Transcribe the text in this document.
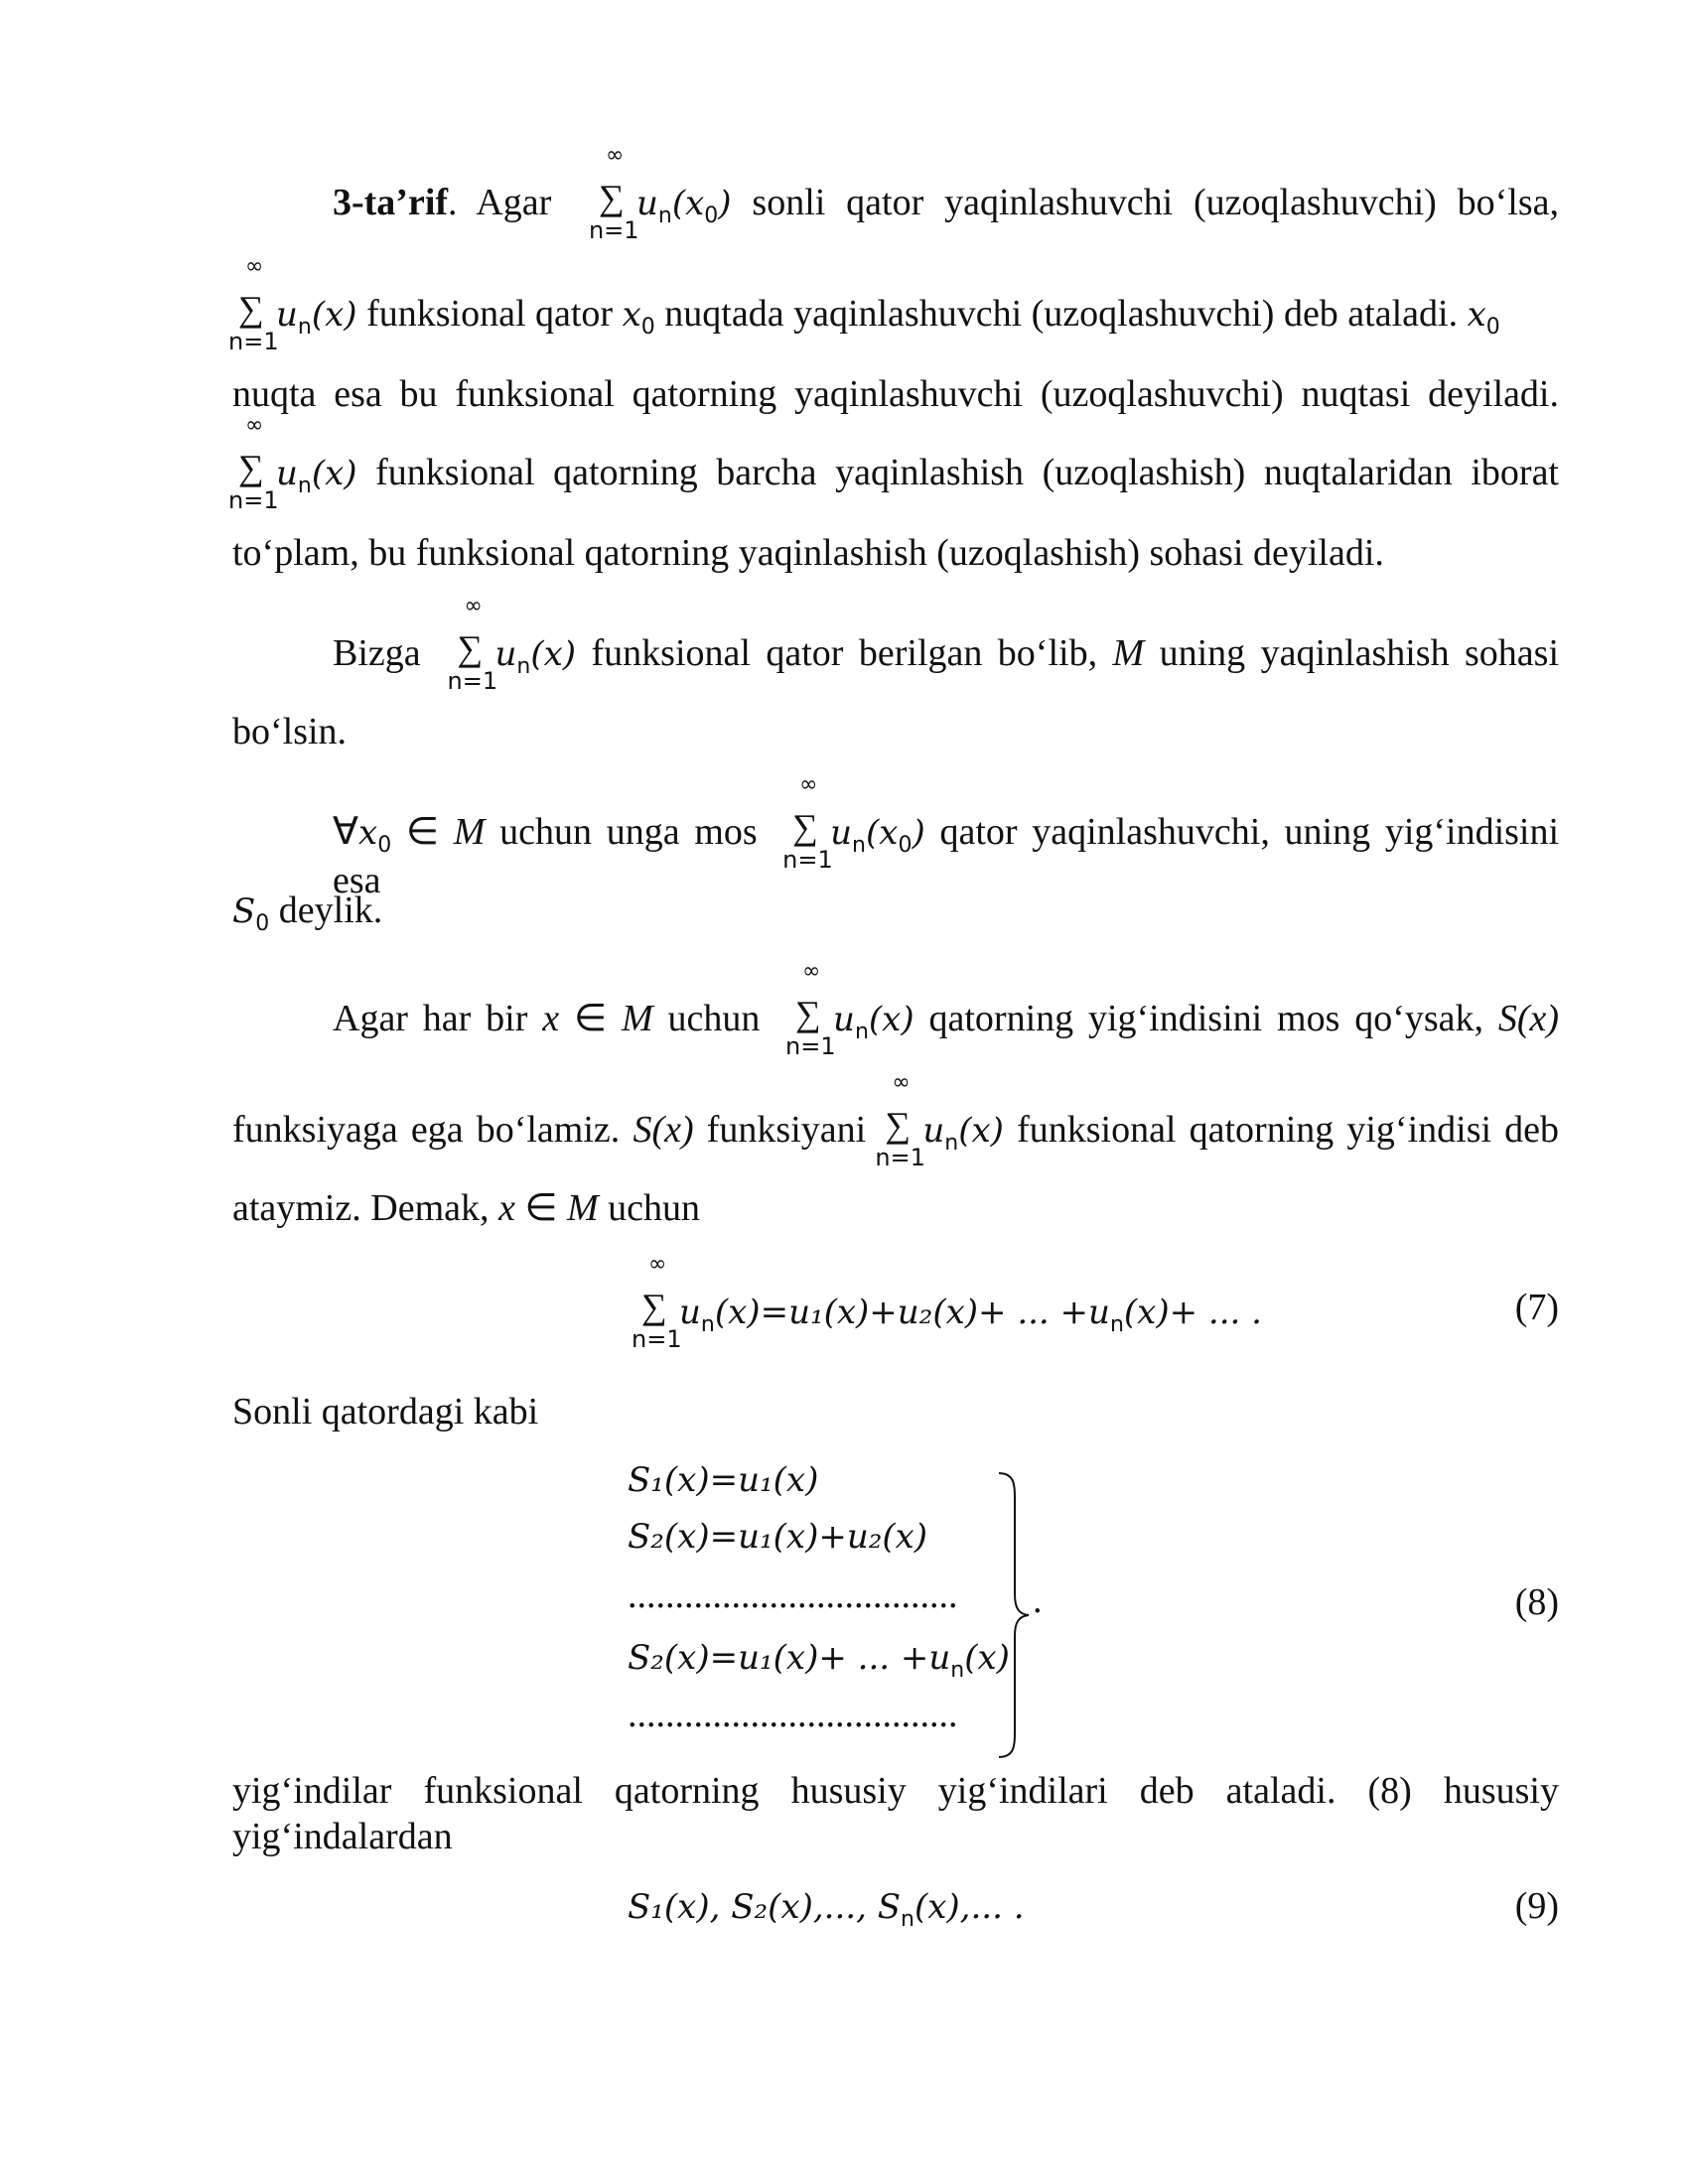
3-ta’rif. Agar
∞
∑
n=1
$u_n(x_0)$ sonli qator yaqinlashuvchi (uzoqlashuvchi) bo‘lsa,
∞
∑
n=1
$u_n(x)$ funksional qator $x_0$ nuqtada yaqinlashuvchi (uzoqlashuvchi) deb ataladi. $x_0$
nuqta esa bu funksional qatorning yaqinlashuvchi (uzoqlashuvchi) nuqtasi deyiladi.
∞
∑
n=1
$u_n(x)$ funksional qatorning barcha yaqinlashish (uzoqlashish) nuqtalaridan iborat
to‘plam, bu funksional qatorning yaqinlashish (uzoqlashish) sohasi deyiladi.
Bizga
∞
∑
n=1
$u_n(x)$ funksional qator berilgan bo‘lib, M uning yaqinlashish sohasi
bo‘lsin.
$\forall x_0$ ∈ M uchun unga mos
∞
∑
n=1
$u_n(x_0)$ qator yaqinlashuvchi, uning yig‘indisini esa
$S_0$ deylik.
Agar har bir x ∈ M uchun
∞
∑
n=1
$u_n(x)$ qatorning yig‘indisini mos qo‘ysak, S(x)
funksiyaga ega bo‘lamiz. S(x) funksiyani
∞
∑
n=1
$u_n(x)$ funksional qatorning yig‘indisi deb
ataymiz. Demak, x ∈ M uchun
∞
∑
n=1
$u_n(x)=u_1(x)+u_2(x)+$ ... $+u_n(x)+$ ... .	(7)
Sonli qatordagi kabi
S₁(x)=u₁(x)
S₂(x)=u₁(x)+u₂(x)
...................................
S₂(x)=u₁(x)+ ... $+u_n(x)$
...................................
.	(8)
yig‘indilar funksional qatorning hususiy yig‘indilari deb ataladi. (8) hususiy
yig‘indalardan
S₁(x), S₂(x),..., $S_n(x)$,... .	(9)
